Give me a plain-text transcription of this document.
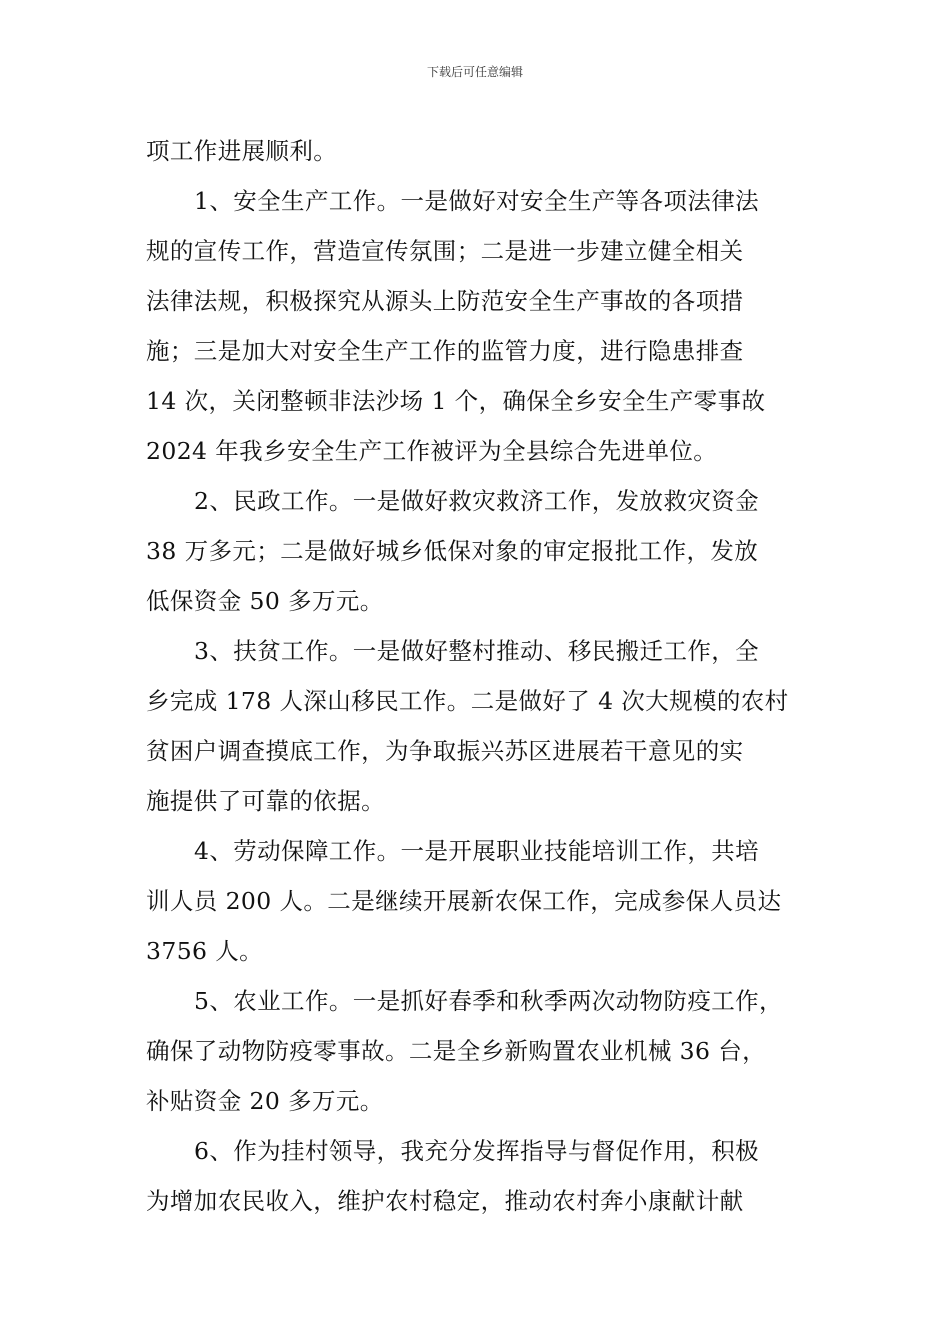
下载后可任意编辑
项工作进展顺利。
1、安全生产工作。一是做好对安全生产等各项法律法
规的宣传工作，营造宣传氛围；二是进一步建立健全相关
法律法规，积极探究从源头上防范安全生产事故的各项措
施；三是加大对安全生产工作的监管力度，进行隐患排查
14 次，关闭整顿非法沙场 1 个，确保全乡安全生产零事故
2024 年我乡安全生产工作被评为全县综合先进单位。
2、民政工作。一是做好救灾救济工作，发放救灾资金
38 万多元；二是做好城乡低保对象的审定报批工作，发放
低保资金 50 多万元。
3、扶贫工作。一是做好整村推动、移民搬迁工作，全
乡完成 178 人深山移民工作。二是做好了 4 次大规模的农村
贫困户调查摸底工作，为争取振兴苏区进展若干意见的实
施提供了可靠的依据。
4、劳动保障工作。一是开展职业技能培训工作，共培
训人员 200 人。二是继续开展新农保工作，完成参保人员达
3756 人。
5、农业工作。一是抓好春季和秋季两次动物防疫工作，
确保了动物防疫零事故。二是全乡新购置农业机械 36 台，
补贴资金 20 多万元。
6、作为挂村领导，我充分发挥指导与督促作用，积极
为增加农民收入，维护农村稳定，推动农村奔小康献计献
